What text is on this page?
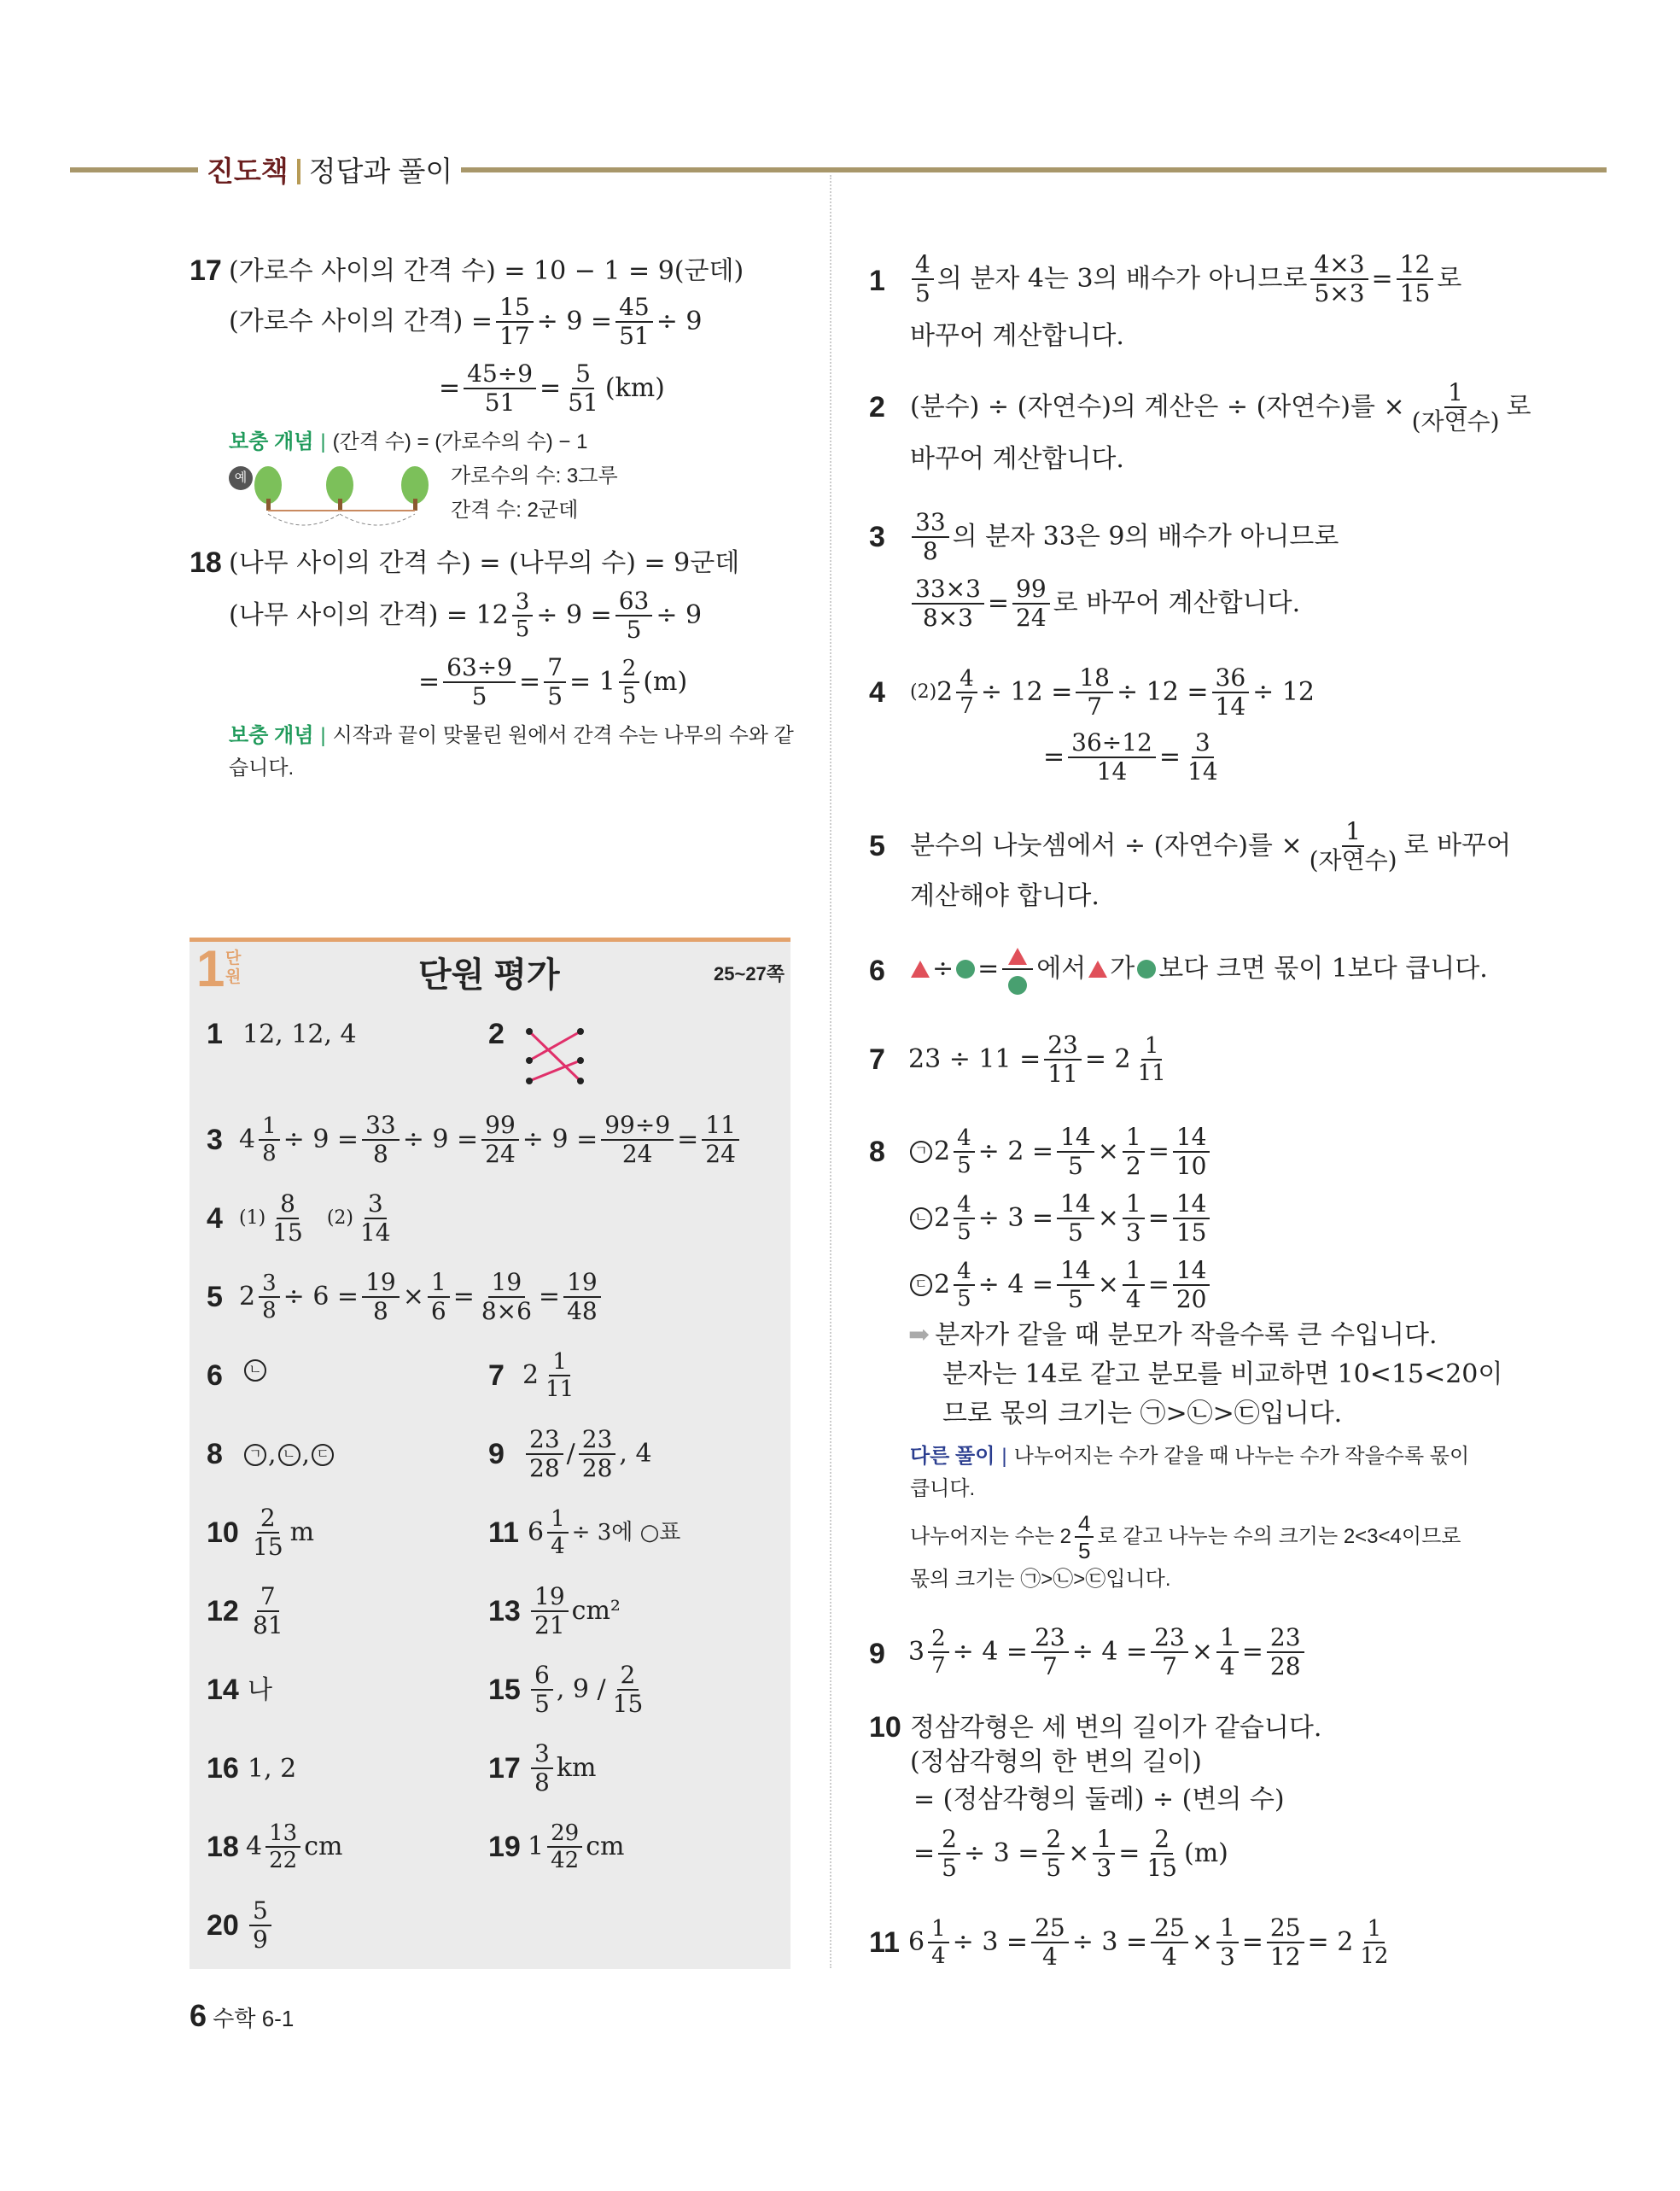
진도책 정답과 풀이
17 (가로수 사이의 간격 수) = 10 − 1 = 9(군데)
(가로수 사이의 간격) = $\frac{15}{17} \div 9 = \frac{45}{51} \div 9$
= $\frac{45\div 9}{51} = \frac{5}{51} (km)$
보충 개념 | (간격 수) = (가로수의 수) − 1
예	가로수의 수: 3그루
간격 수: 2군데
18 (나무 사이의 간격 수) = (나무의 수) = 9군데
(나무 사이의 간격) = $12 \frac{3}{5} \div 9 = \frac{63}{5} \div 9$
= $\frac{63\div 9}{5} = \frac{7}{5} = 1 \frac{2}{5} (m)$
보충 개념 | 시작과 끝이 맞물린 원에서 간격 수는 나무의 수와 같
습니다.
1 단원	단원 평가	25~27쪽
1 12, 12, 4	2
3 $4 \frac{1}{8} \div 9 = \frac{33}{8} \div 9 = \frac{99}{24} \div 9 = \frac{99\div 9}{24} = \frac{11}{24}$
4 $(1) \frac{8}{15} (2) \frac{3}{14}$
5 $2 \frac{3}{8} \div 6 = \frac{19}{8} \times \frac{1}{6} = \frac{19}{8\times 6} = \frac{19}{48}$
6	ㄴ	7 $2 \frac{1}{11}$
8	ㄱ , ㄴ , ㄷ	$9 \frac{23}{28} / \frac{23}{28}$ , 4
$10 \frac{2}{15}$ m	11 $6 \frac{1}{4} \div 3$에 ○표
$12 \frac{7}{81}$	$13 \frac{19}{21} cm^2$
14 나	$15 \frac{6}{5}$ , $9 / \frac{2}{15}$
16 1, 2	$17 \frac{3}{8}$ km
18 $4 \frac{13}{22}$ cm	19 $1 \frac{29}{42}$ cm
$20 \frac{5}{9}$
$1 \frac{4}{5}$ 의 분자 4는 3의 배수가 아니므로 $\frac{4\times 3}{5\times 3} = \frac{12}{15}$ 로
바꾸어 계산합니다.
2 (분수) ÷ (자연수)의 계산은 ÷ (자연수)를 × $\frac{1}{\text{(자연수)}}$ 로
바꾸어 계산합니다.
$3 \frac{33}{8}$ 의 분자 33은 9의 배수가 아니므로
$\frac{33\times 3}{8\times 3} = \frac{99}{24}$ 로 바꾸어 계산합니다.
4 (2) $2 \frac{4}{7} \div 12 = \frac{18}{7} \div 12 = \frac{36}{14} \div 12$
= $\frac{36\div 12}{14} = \frac{3}{14}$
5 분수의 나눗셈에서 ÷ (자연수)를 × $\frac{1}{\text{(자연수)}}$ 로 바꾸어
계산해야 합니다.
6 ÷ = 에서 가 보다 크면 몫이 1보다 큽니다.
7 $23 \div 11 = \frac{23}{11} = 2 \frac{1}{11}$
8	ㄱ $2 \frac{4}{5} \div 2 = \frac{14}{5} \times \frac{1}{2} = \frac{14}{10}$
ㄴ $2 \frac{4}{5} \div 3 = \frac{14}{5} \times \frac{1}{3} = \frac{14}{15}$
ㄷ $2 \frac{4}{5} \div 4 = \frac{14}{5} \times \frac{1}{4} = \frac{14}{20}$
➡ 분자가 같을 때 분모가 작을수록 큰 수입니다.
분자는 14로 같고 분모를 비교하면 10<15<20이
므로 몫의 크기는 ㉠>㉡>㉢입니다.
다른 풀이 | 나누어지는 수가 같을 때 나누는 수가 작을수록 몫이
큽니다.
나누어지는 수는 $2 \frac{4}{5}$ 로 같고 나누는 수의 크기는 2<3<4이므로
몫의 크기는 ㉠>㉡>㉢입니다.
9 $3 \frac{2}{7} \div 4 = \frac{23}{7} \div 4 = \frac{23}{7} \times \frac{1}{4} = \frac{23}{28}$
10 정삼각형은 세 변의 길이가 같습니다.
(정삼각형의 한 변의 길이)
= (정삼각형의 둘레) ÷ (변의 수)
= $\frac{2}{5} \div 3 = \frac{2}{5} \times \frac{1}{3} = \frac{2}{15} (m)$
11 $6 \frac{1}{4} \div 3 = \frac{25}{4} \div 3 = \frac{25}{4} \times \frac{1}{3} = \frac{25}{12} = 2 \frac{1}{12}$
6 수학 6-1
